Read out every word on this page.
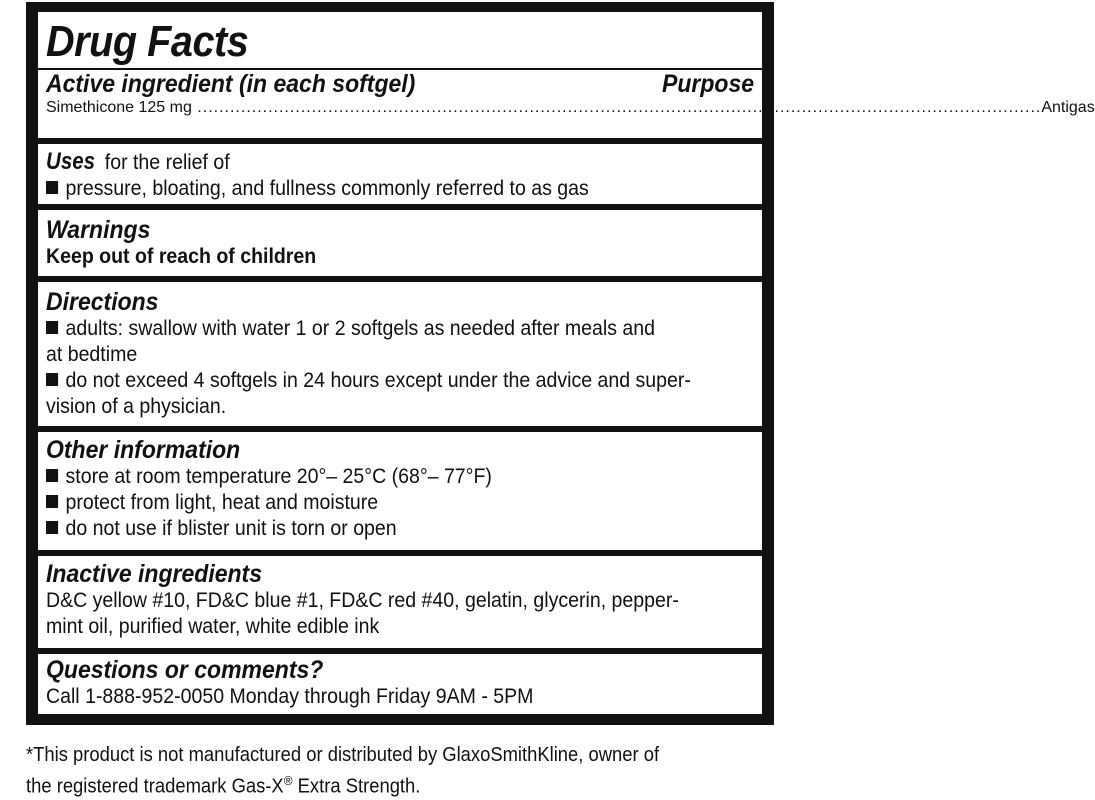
Drug Facts
Active ingredient (in each softgel)	Purpose
Simethicone 125 mg ........................................................................................................................................................... Antigas
Uses for the relief of
pressure, bloating, and fullness commonly referred to as gas
Warnings
Keep out of reach of children
Directions
adults: swallow with water 1 or 2 softgels as needed after meals and
at bedtime
do not exceed 4 softgels in 24 hours except under the advice and super-
vision of a physician.
Other information
store at room temperature 20°– 25°C (68°– 77°F)
protect from light, heat and moisture
do not use if blister unit is torn or open
Inactive ingredients
D&C yellow #10, FD&C blue #1, FD&C red #40, gelatin, glycerin, pepper-
mint oil, purified water, white edible ink
Questions or comments?
Call 1-888-952-0050 Monday through Friday 9AM - 5PM
*This product is not manufactured or distributed by GlaxoSmithKline, owner of
the registered trademark Gas-X® Extra Strength.
